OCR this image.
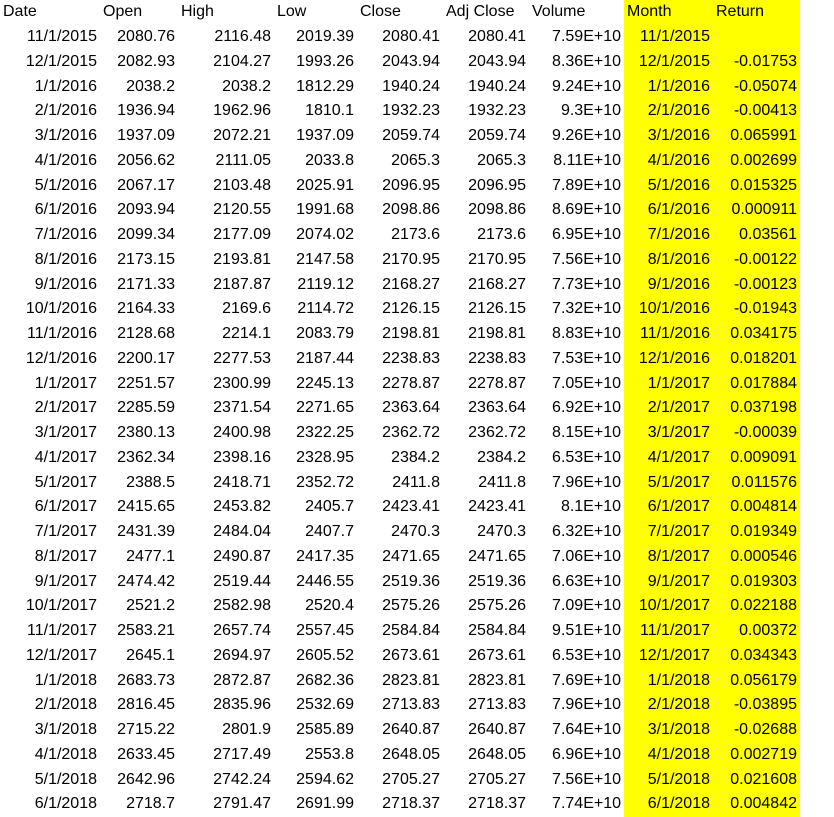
Date	Open	High	Low	Close	Adj Close	Volume	Month	Return
11/1/2015	2080.76	2116.48	2019.39	2080.41	2080.41	7.59E+10	11/1/2015	
12/1/2015	2082.93	2104.27	1993.26	2043.94	2043.94	8.36E+10	12/1/2015	-0.01753
1/1/2016	2038.2	2038.2	1812.29	1940.24	1940.24	9.24E+10	1/1/2016	-0.05074
2/1/2016	1936.94	1962.96	1810.1	1932.23	1932.23	9.3E+10	2/1/2016	-0.00413
3/1/2016	1937.09	2072.21	1937.09	2059.74	2059.74	9.26E+10	3/1/2016	0.065991
4/1/2016	2056.62	2111.05	2033.8	2065.3	2065.3	8.11E+10	4/1/2016	0.002699
5/1/2016	2067.17	2103.48	2025.91	2096.95	2096.95	7.89E+10	5/1/2016	0.015325
6/1/2016	2093.94	2120.55	1991.68	2098.86	2098.86	8.69E+10	6/1/2016	0.000911
7/1/2016	2099.34	2177.09	2074.02	2173.6	2173.6	6.95E+10	7/1/2016	0.03561
8/1/2016	2173.15	2193.81	2147.58	2170.95	2170.95	7.56E+10	8/1/2016	-0.00122
9/1/2016	2171.33	2187.87	2119.12	2168.27	2168.27	7.73E+10	9/1/2016	-0.00123
10/1/2016	2164.33	2169.6	2114.72	2126.15	2126.15	7.32E+10	10/1/2016	-0.01943
11/1/2016	2128.68	2214.1	2083.79	2198.81	2198.81	8.83E+10	11/1/2016	0.034175
12/1/2016	2200.17	2277.53	2187.44	2238.83	2238.83	7.53E+10	12/1/2016	0.018201
1/1/2017	2251.57	2300.99	2245.13	2278.87	2278.87	7.05E+10	1/1/2017	0.017884
2/1/2017	2285.59	2371.54	2271.65	2363.64	2363.64	6.92E+10	2/1/2017	0.037198
3/1/2017	2380.13	2400.98	2322.25	2362.72	2362.72	8.15E+10	3/1/2017	-0.00039
4/1/2017	2362.34	2398.16	2328.95	2384.2	2384.2	6.53E+10	4/1/2017	0.009091
5/1/2017	2388.5	2418.71	2352.72	2411.8	2411.8	7.96E+10	5/1/2017	0.011576
6/1/2017	2415.65	2453.82	2405.7	2423.41	2423.41	8.1E+10	6/1/2017	0.004814
7/1/2017	2431.39	2484.04	2407.7	2470.3	2470.3	6.32E+10	7/1/2017	0.019349
8/1/2017	2477.1	2490.87	2417.35	2471.65	2471.65	7.06E+10	8/1/2017	0.000546
9/1/2017	2474.42	2519.44	2446.55	2519.36	2519.36	6.63E+10	9/1/2017	0.019303
10/1/2017	2521.2	2582.98	2520.4	2575.26	2575.26	7.09E+10	10/1/2017	0.022188
11/1/2017	2583.21	2657.74	2557.45	2584.84	2584.84	9.51E+10	11/1/2017	0.00372
12/1/2017	2645.1	2694.97	2605.52	2673.61	2673.61	6.53E+10	12/1/2017	0.034343
1/1/2018	2683.73	2872.87	2682.36	2823.81	2823.81	7.69E+10	1/1/2018	0.056179
2/1/2018	2816.45	2835.96	2532.69	2713.83	2713.83	7.96E+10	2/1/2018	-0.03895
3/1/2018	2715.22	2801.9	2585.89	2640.87	2640.87	7.64E+10	3/1/2018	-0.02688
4/1/2018	2633.45	2717.49	2553.8	2648.05	2648.05	6.96E+10	4/1/2018	0.002719
5/1/2018	2642.96	2742.24	2594.62	2705.27	2705.27	7.56E+10	5/1/2018	0.021608
6/1/2018	2718.7	2791.47	2691.99	2718.37	2718.37	7.74E+10	6/1/2018	0.004842
